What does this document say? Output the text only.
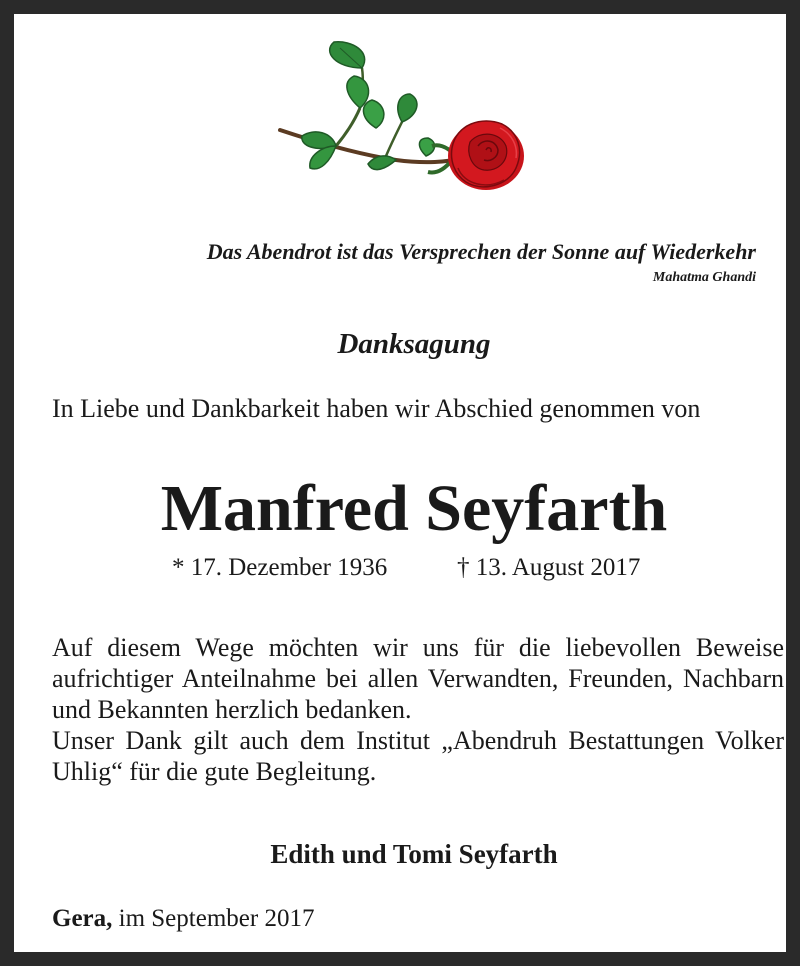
Das Abendrot ist das Versprechen der Sonne auf Wiederkehr
Mahatma Ghandi
Danksagung
In Liebe und Dankbarkeit haben wir Abschied genommen von
Manfred Seyfarth
* 17. Dezember 1936	† 13. August 2017

Auf diesem Wege möchten wir uns für die liebevollen Beweise aufrichtiger Anteilnahme bei allen Verwandten, Freunden, Nachbarn und Bekannten herzlich bedanken.

Unser Dank gilt auch dem Institut „Abendruh Bestattungen Volker Uhlig“ für die gute Begleitung.

Edith und Tomi Seyfarth
Gera, im September 2017
